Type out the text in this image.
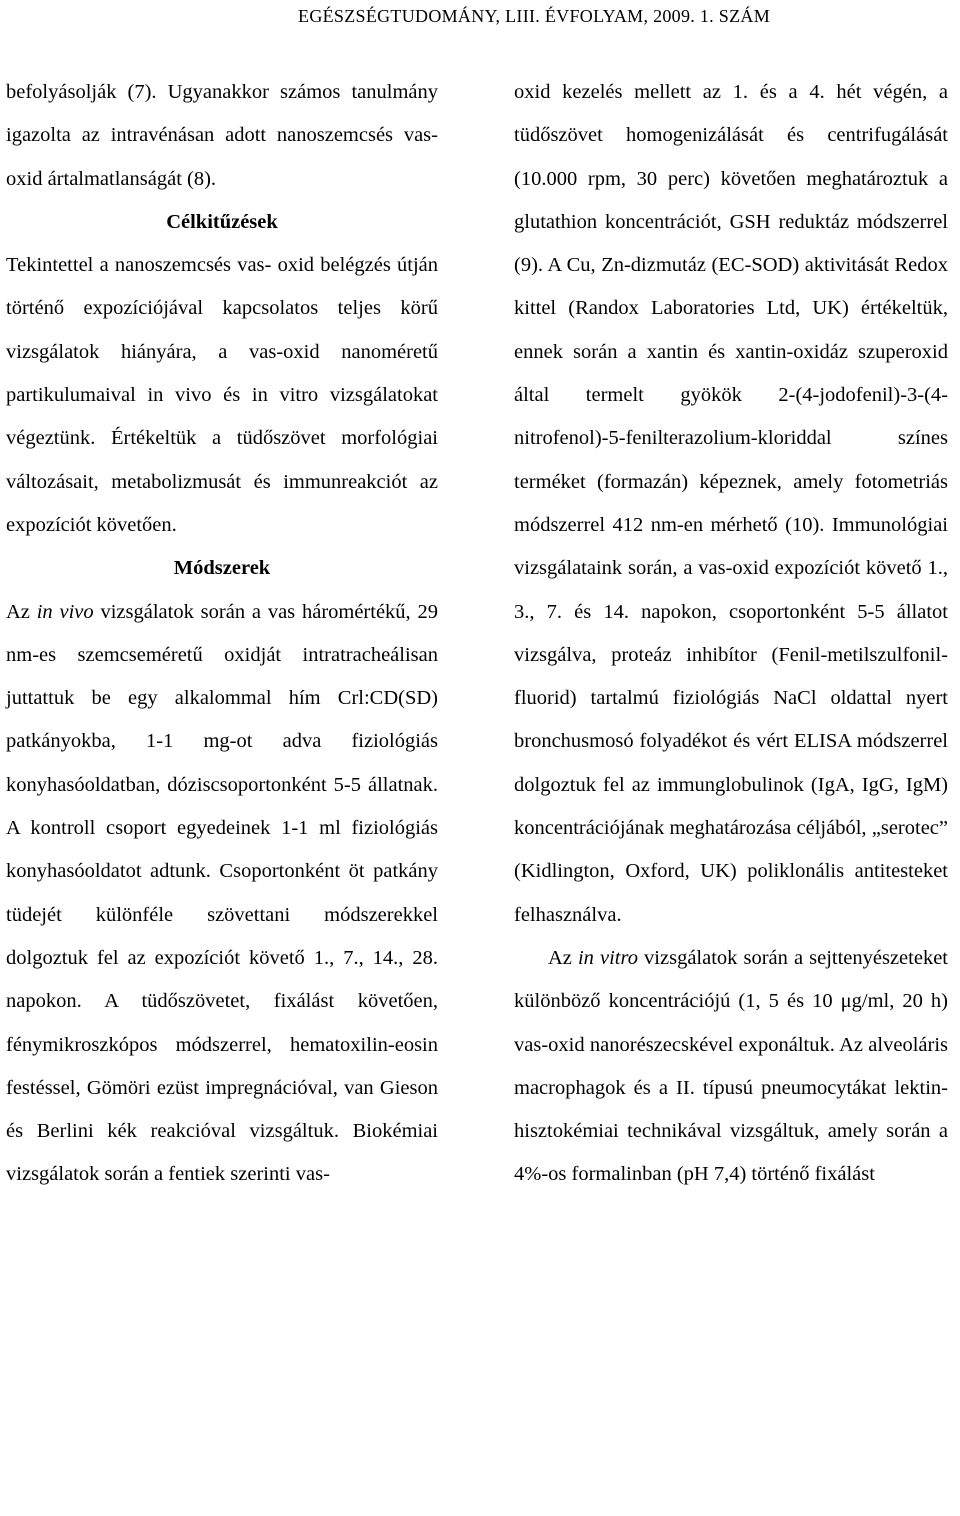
EGÉSZSÉGTUDOMÁNY, LIII. ÉVFOLYAM, 2009. 1. SZÁM

befolyásolják (7). Ugyanakkor számos tanulmány igazolta az intravénásan adott nanoszemcsés vas-oxid ártalmatlanságát (8).

Célkitűzések

Tekintettel a nanoszemcsés vas- oxid belégzés útján történő expozíciójával kapcsolatos teljes körű vizsgálatok hiányára, a vas-oxid nanoméretű partikulumaival in vivo és in vitro vizsgálatokat végeztünk. Értékeltük a tüdőszövet morfológiai változásait, metabolizmusát és immunreakciót az expozíciót követően.

Módszerek

Az in vivo vizsgálatok során a vas háromértékű, 29 nm-es szemcseméretű oxidját intratracheálisan juttattuk be egy alkalommal hím Crl:CD(SD) patkányokba, 1-1 mg-ot adva fiziológiás konyhasóoldatban, dóziscsoportonként 5-5 állatnak. A kontroll csoport egyedeinek 1-1 ml fiziológiás konyhasóoldatot adtunk. Csoportonként öt patkány tüdejét különféle szövettani módszerekkel dolgoztuk fel az expozíciót követő 1., 7., 14., 28. napokon. A tüdőszövetet, fixálást követően, fénymikroszkópos módszerrel, hematoxilin-eosin festéssel, Gömöri ezüst impregnációval, van Gieson és Berlini kék reakcióval vizsgáltuk. Biokémiai vizsgálatok során a fentiek szerinti vas-

oxid kezelés mellett az 1. és a 4. hét végén, a tüdőszövet homogenizálását és centrifugálását (10.000 rpm, 30 perc) követően meghatároztuk a glutathion koncentrációt, GSH reduktáz módszerrel (9). A Cu, Zn-dizmutáz (EC-SOD) aktivitását Redox kittel (Randox Laboratories Ltd, UK) értékeltük, ennek során a xantin és xantin-oxidáz szuperoxid által termelt gyökök 2-(4-jodofenil)-3-(4-nitrofenol)-5-fenilterazolium-kloriddal színes terméket (formazán) képeznek, amely fotometriás módszerrel 412 nm-en mérhető (10). Immunológiai vizsgálataink során, a vas-oxid expozíciót követő 1., 3., 7. és 14. napokon, csoportonként 5-5 állatot vizsgálva, proteáz inhibítor (Fenil-metilszulfonil-fluorid) tartalmú fiziológiás NaCl oldattal nyert bronchusmosó folyadékot és vért ELISA módszerrel dolgoztuk fel az immunglobulinok (IgA, IgG, IgM) koncentrációjának meghatározása céljából, „serotec” (Kidlington, Oxford, UK) poliklonális antitesteket felhasználva.

Az in vitro vizsgálatok során a sejttenyészeteket különböző koncentrációjú (1, 5 és 10 μg/ml, 20 h) vas-oxid nanorészecskével exponáltuk. Az alveoláris macrophagok és a II. típusú pneumocytákat lektin-hisztokémiai technikával vizsgáltuk, amely során a 4%-os formalinban (pH 7,4) történő fixálást
